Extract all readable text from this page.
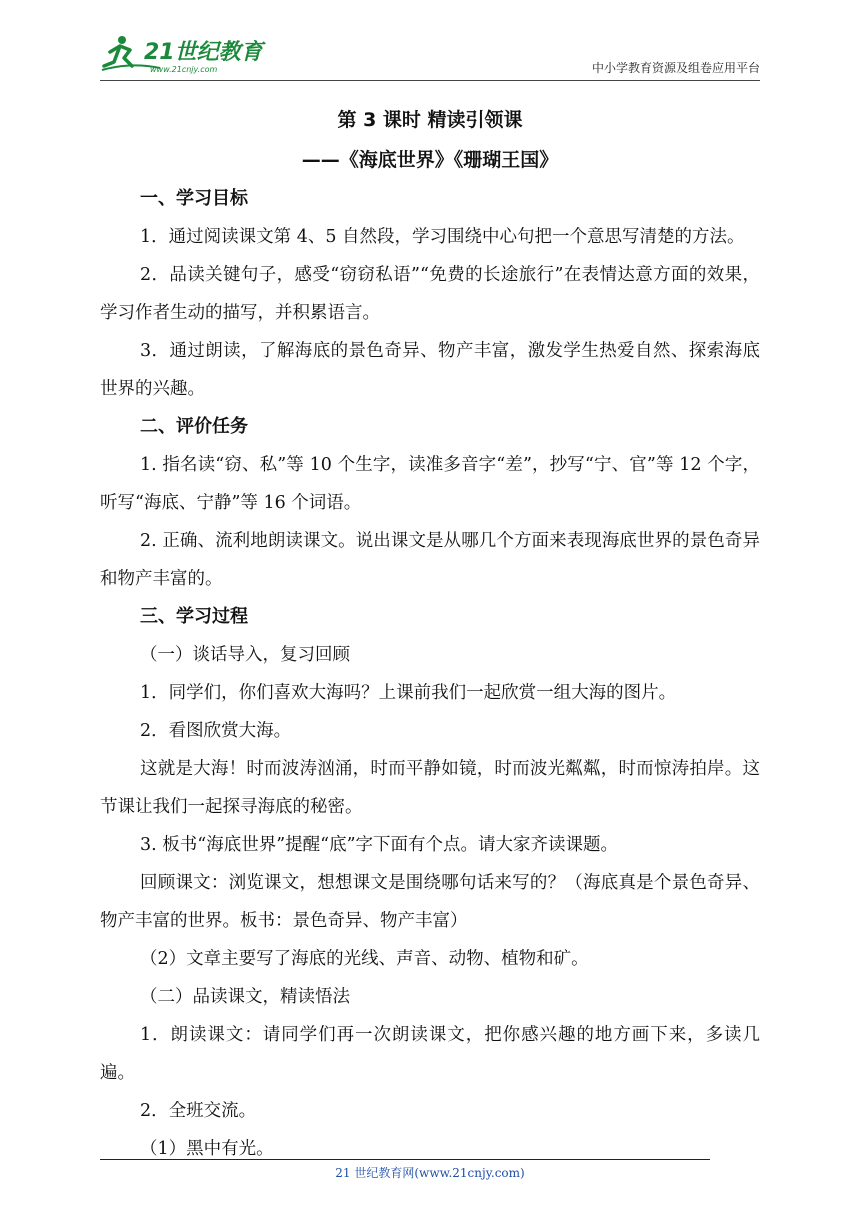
21世纪教育
www.21cnjy.com	中小学教育资源及组卷应用平台
第 3 课时 精读引领课
——《海底世界》《珊瑚王国》

一、学习目标

1．通过阅读课文第 4、5 自然段，学习围绕中心句把一个意思写清楚的方法。

2．品读关键句子，感受“窃窃私语”“免费的长途旅行”在表情达意方面的效果，学习作者生动的描写，并积累语言。

3．通过朗读，了解海底的景色奇异、物产丰富，激发学生热爱自然、探索海底世界的兴趣。

二、评价任务

1. 指名读“窃、私”等 10 个生字，读准多音字“差”，抄写“宁、官”等 12 个字，听写“海底、宁静”等 16 个词语。

2. 正确、流利地朗读课文。说出课文是从哪几个方面来表现海底世界的景色奇异和物产丰富的。

三、学习过程

（一）谈话导入，复习回顾

1．同学们，你们喜欢大海吗？上课前我们一起欣赏一组大海的图片。

2．看图欣赏大海。

这就是大海！时而波涛汹涌，时而平静如镜，时而波光粼粼，时而惊涛拍岸。这节课让我们一起探寻海底的秘密。

3. 板书“海底世界”提醒“底”字下面有个点。请大家齐读课题。

回顾课文：浏览课文，想想课文是围绕哪句话来写的？（海底真是个景色奇异、物产丰富的世界。板书：景色奇异、物产丰富）

（2）文章主要写了海底的光线、声音、动物、植物和矿。

（二）品读课文，精读悟法

1．朗读课文：请同学们再一次朗读课文，把你感兴趣的地方画下来，多读几遍。

2．全班交流。

（1）黑中有光。

21 世纪教育网(www.21cnjy.com)
